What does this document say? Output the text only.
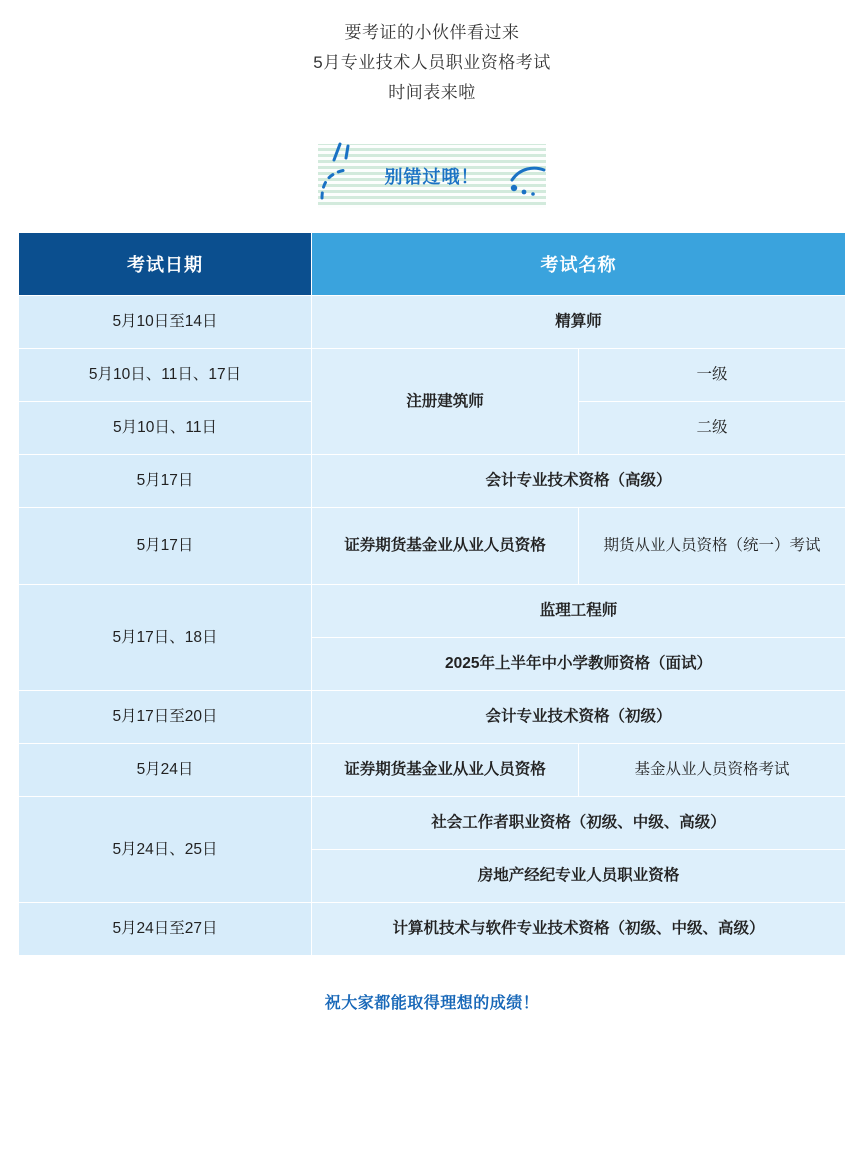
要考证的小伙伴看过来
5月专业技术人员职业资格考试
时间表来啦
别错过哦！
考试日期	考试名称	
5月10日至14日	精算师	
5月10日、11日、17日	注册建筑师	一级
5月10日、11日		二级
5月17日	会计专业技术资格（高级）	
5月17日	证券期货基金业从业人员资格	期货从业人员资格（统一）考试
5月17日、18日	监理工程师	
	2025年上半年中小学教师资格（面试）	
5月17日至20日	会计专业技术资格（初级）	
5月24日	证券期货基金业从业人员资格	基金从业人员资格考试
5月24日、25日	社会工作者职业资格（初级、中级、高级）	
	房地产经纪专业人员职业资格	
5月24日至27日	计算机技术与软件专业技术资格（初级、中级、高级）	
祝大家都能取得理想的成绩！
